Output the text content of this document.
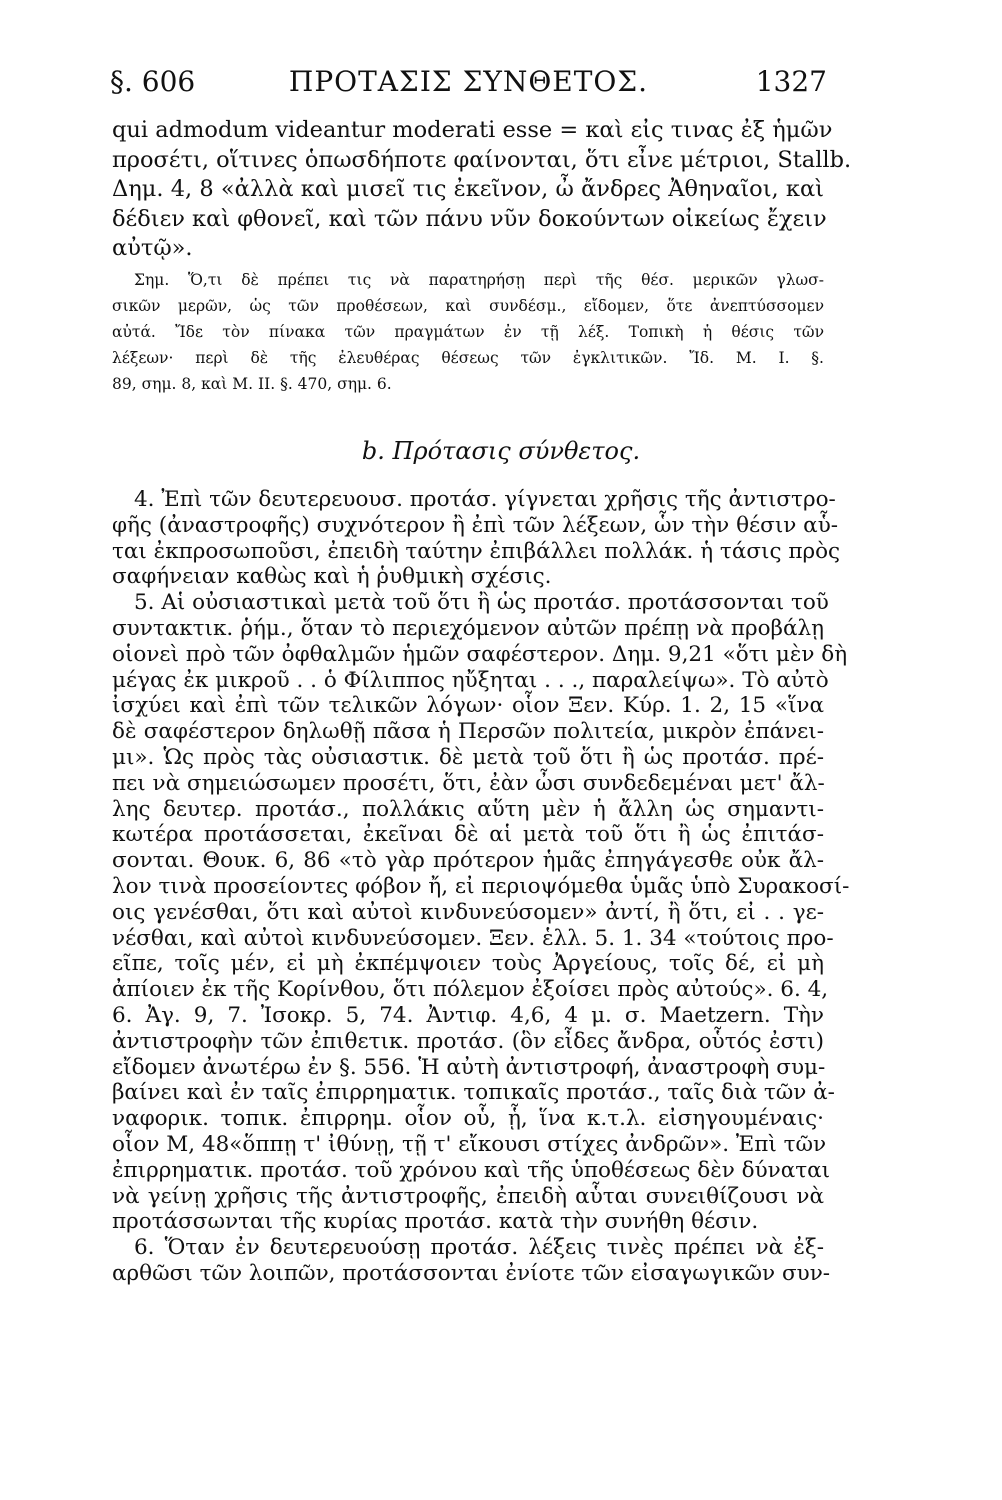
§. 606	ΠΡΟΤΑΣΙΣ ΣΥΝΘΕΤΟΣ.	1327
qui admodum videantur moderati esse = καὶ εἰς τινας ἐξ ἡμῶν
προσέτι, οἵτινες ὁπωσδήποτε φαίνονται, ὅτι εἶνε μέτριοι, Stallb.
Δημ. 4, 8 «ἀλλὰ καὶ μισεῖ τις ἐκεῖνον, ὦ ἄνδρες Ἀθηναῖοι, καὶ
δέδιεν καὶ φθονεῖ, καὶ τῶν πάνυ νῦν δοκούντων οἰκείως ἔχειν
αὐτῷ».
Σημ. Ὅ,τι δὲ πρέπει τις νὰ παρατηρήσῃ περὶ τῆς θέσ. μερικῶν γλωσ-
σικῶν μερῶν, ὡς τῶν προθέσεων, καὶ συνδέσμ., εἴδομεν, ὅτε ἀνεπτύσσομεν
αὐτά. Ἴδε τὸν πίνακα τῶν πραγμάτων ἐν τῇ λέξ. Τοπικὴ ἡ θέσις τῶν
λέξεων· περὶ δὲ τῆς ἐλευθέρας θέσεως τῶν ἐγκλιτικῶν. Ἴδ. Μ. Ι. §.
89, σημ. 8, καὶ Μ. ΙΙ. §. 470, σημ. 6.
b. Πρότασις σύνθετος.
4. Ἐπὶ τῶν δευτερευουσ. προτάσ. γίγνεται χρῆσις τῆς ἀντιστρο-
φῆς (ἀναστροφῆς) συχνότερον ἢ ἐπὶ τῶν λέξεων, ὧν τὴν θέσιν αὗ-
ται ἐκπροσωποῦσι, ἐπειδὴ ταύτην ἐπιβάλλει πολλάκ. ἡ τάσις πρὸς
σαφήνειαν καθὼς καὶ ἡ ῥυθμικὴ σχέσις.
5. Αἱ οὐσιαστικαὶ μετὰ τοῦ ὅτι ἢ ὡς προτάσ. προτάσσονται τοῦ
συντακτικ. ῥήμ., ὅταν τὸ περιεχόμενον αὐτῶν πρέπῃ νὰ προβάλῃ
οἱονεὶ πρὸ τῶν ὀφθαλμῶν ἡμῶν σαφέστερον. Δημ. 9,21 «ὅτι μὲν δὴ
μέγας ἐκ μικροῦ . . ὁ Φίλιππος ηὔξηται . . ., παραλείψω». Τὸ αὐτὸ
ἰσχύει καὶ ἐπὶ τῶν τελικῶν λόγων· οἷον Ξεν. Κύρ. 1. 2, 15 «ἵνα
δὲ σαφέστερον δηλωθῇ πᾶσα ἡ Περσῶν πολιτεία, μικρὸν ἐπάνει-
μι». Ὡς πρὸς τὰς οὐσιαστικ. δὲ μετὰ τοῦ ὅτι ἢ ὡς προτάσ. πρέ-
πει νὰ σημειώσωμεν προσέτι, ὅτι, ἐὰν ὦσι συνδεδεμέναι μετ' ἄλ-
λης δευτερ. προτάσ., πολλάκις αὕτη μὲν ἡ ἄλλη ὡς σημαντι-
κωτέρα προτάσσεται, ἐκεῖναι δὲ αἱ μετὰ τοῦ ὅτι ἢ ὡς ἐπιτάσ-
σονται. Θουκ. 6, 86 «τὸ γὰρ πρότερον ἡμᾶς ἐπηγάγεσθε οὐκ ἄλ-
λον τινὰ προσείοντες φόβον ἤ, εἰ περιοψόμεθα ὑμᾶς ὑπὸ Συρακοσί-
οις γενέσθαι, ὅτι καὶ αὐτοὶ κινδυνεύσομεν» ἀντί, ἢ ὅτι, εἰ . . γε-
νέσθαι, καὶ αὐτοὶ κινδυνεύσομεν. Ξεν. ἑλλ. 5. 1. 34 «τούτοις προ-
εῖπε, τοῖς μέν, εἰ μὴ ἐκπέμψοιεν τοὺς Ἀργείους, τοῖς δέ, εἰ μὴ
ἀπίοιεν ἐκ τῆς Κορίνθου, ὅτι πόλεμον ἐξοίσει πρὸς αὐτούς». 6. 4,
6. Ἀγ. 9, 7. Ἰσοκρ. 5, 74. Ἀντιφ. 4,6, 4 μ. σ. Maetzern. Τὴν
ἀντιστροφὴν τῶν ἐπιθετικ. προτάσ. (ὃν εἶδες ἄνδρα, οὗτός ἐστι)
εἴδομεν ἀνωτέρω ἐν §. 556. Ἡ αὐτὴ ἀντιστροφή, ἀναστροφὴ συμ-
βαίνει καὶ ἐν ταῖς ἐπιρρηματικ. τοπικαῖς προτάσ., ταῖς διὰ τῶν ἀ-
ναφορικ. τοπικ. ἐπιρρημ. οἷον οὗ, ᾗ, ἵνα κ.τ.λ. εἰσηγουμέναις·
οἷον Μ, 48«ὅππῃ τ' ἰθύνῃ, τῇ τ' εἴκουσι στίχες ἀνδρῶν». Ἐπὶ τῶν
ἐπιρρηματικ. προτάσ. τοῦ χρόνου καὶ τῆς ὑποθέσεως δὲν δύναται
νὰ γείνῃ χρῆσις τῆς ἀντιστροφῆς, ἐπειδὴ αὗται συνειθίζουσι νὰ
προτάσσωνται τῆς κυρίας προτάσ. κατὰ τὴν συνήθη θέσιν.
6. Ὅταν ἐν δευτερευούσῃ προτάσ. λέξεις τινὲς πρέπει νὰ ἐξ-
αρθῶσι τῶν λοιπῶν, προτάσσονται ἐνίοτε τῶν εἰσαγωγικῶν συν-
